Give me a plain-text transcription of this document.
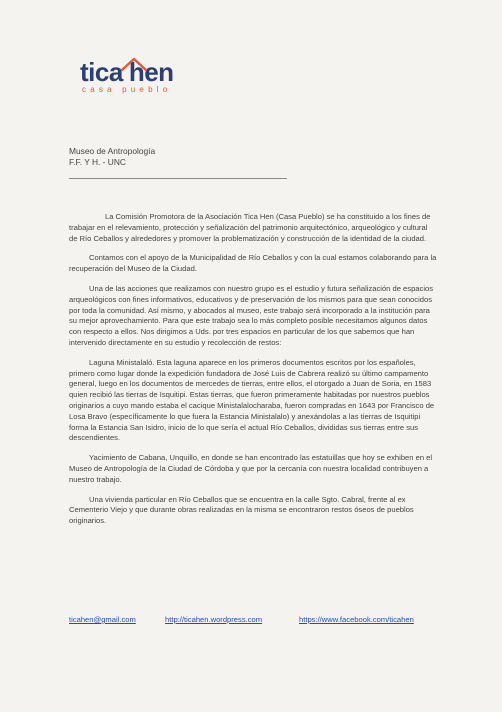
tica hen
casa pueblo
Museo de Antropología
F.F. Y H. - UNC

La Comisión Promotora de la Asociación Tica Hen (Casa Pueblo) se ha constituido a los fines de trabajar en el relevamiento, protección y señalización del patrimonio arquitectónico, arqueológico y cultural de Río Ceballos y alrededores y promover la problematización y construcción de la identidad de la ciudad.

Contamos con el apoyo de la Municipalidad de Río Ceballos y con la cual estamos colaborando para la recuperación del Museo de la Ciudad.

Una de las acciones que realizamos con nuestro grupo es el estudio y futura señalización de espacios arqueológicos con fines informativos, educativos y de preservación de los mismos para que sean conocidos por toda la comunidad. Así mismo, y abocados al museo, este trabajo será incorporado a la institución para su mejor aprovechamiento. Para que este trabajo sea lo más completo posible necesitamos algunos datos con respecto a ellos. Nos dirigimos a Uds. por tres espacios en particular de los que sabemos que han intervenido directamente en su estudio y recolección de restos:

Laguna Ministalaló. Esta laguna aparece en los primeros documentos escritos por los españoles, primero como lugar donde la expedición fundadora de José Luis de Cabrera realizó su último campamento general, luego en los documentos de mercedes de tierras, entre ellos, el otorgado a Juan de Soria, en 1583 quien recibió las tierras de Isquitipi. Estas tierras, que fueron primeramente habitadas por nuestros pueblos originarios a cuyo mando estaba el cacique Ministalalocharaba, fueron compradas en 1643 por Francisco de Losa Bravo (específicamente lo que fuera la Estancia Ministalalo) y anexándolas a las tierras de Isquitipi forma la Estancia San Isidro, inicio de lo que sería el actual Río Ceballos, divididas sus tierras entre sus descendientes.

Yacimiento de Cabana, Unquillo, en donde se han encontrado las estatuillas que hoy se exhiben en el Museo de Antropología de la Ciudad de Córdoba y que por la cercanía con nuestra localidad contribuyen a nuestro trabajo.

Una vivienda particular en Río Ceballos que se encuentra en la calle Sgto. Cabral, frente al ex Cementerio Viejo y que durante obras realizadas en la misma se encontraron restos óseos de pueblos originarios.

ticahen@gmail.com	http://ticahen.wordpress.com	https://www.facebook.com/ticahen
